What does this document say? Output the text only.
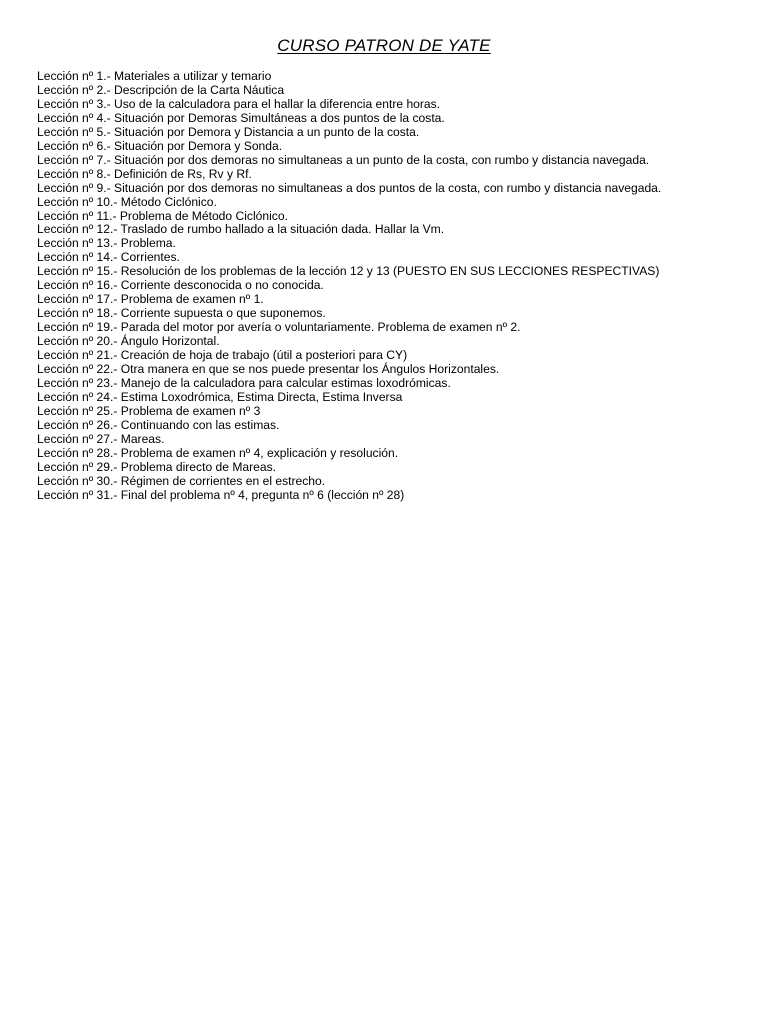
CURSO PATRON DE YATE
Lección nº 1.- Materiales a utilizar y temario
Lección nº 2.- Descripción de la Carta Náutica
Lección nº 3.- Uso de la calculadora para el hallar la diferencia entre horas.
Lección nº 4.- Situación por Demoras Simultáneas a dos puntos de la costa.
Lección nº 5.- Situación por Demora y Distancia a un punto de la costa.
Lección nº 6.- Situación por Demora y Sonda.
Lección nº 7.- Situación por dos demoras no simultaneas a un punto de la costa, con rumbo y distancia navegada.
Lección nº 8.- Definición de Rs, Rv y Rf.
Lección nº 9.- Situación por dos demoras no simultaneas a dos puntos de la costa, con rumbo y distancia navegada.
Lección nº 10.- Método Ciclónico.
Lección nº 11.- Problema de Método Ciclónico.
Lección nº 12.- Traslado de rumbo hallado a la situación dada. Hallar la Vm.
Lección nº 13.- Problema.
Lección nº 14.- Corrientes.
Lección nº 15.- Resolución de los problemas de la lección 12 y 13 (PUESTO EN SUS LECCIONES RESPECTIVAS)
Lección nº 16.- Corriente desconocida o no conocida.
Lección nº 17.- Problema de examen nº 1.
Lección nº 18.- Corriente supuesta o que suponemos.
Lección nº 19.- Parada del motor por avería o voluntariamente. Problema de examen nº 2.
Lección nº 20.- Ángulo Horizontal.
Lección nº 21.- Creación de hoja de trabajo (útil a posteriori para CY)
Lección nº 22.- Otra manera en que se nos puede presentar los Ángulos Horizontales.
Lección nº 23.- Manejo de la calculadora para calcular estimas loxodrómicas.
Lección nº 24.- Estima Loxodrómica, Estima Directa, Estima Inversa
Lección nº 25.- Problema de examen nº 3
Lección nº 26.- Continuando con las estimas.
Lección nº 27.- Mareas.
Lección nº 28.- Problema de examen nº 4, explicación y resolución.
Lección nº 29.- Problema directo de Mareas.
Lección nº 30.- Régimen de corrientes en el estrecho.
Lección nº 31.- Final del problema nº 4, pregunta nº 6 (lección nº 28)
